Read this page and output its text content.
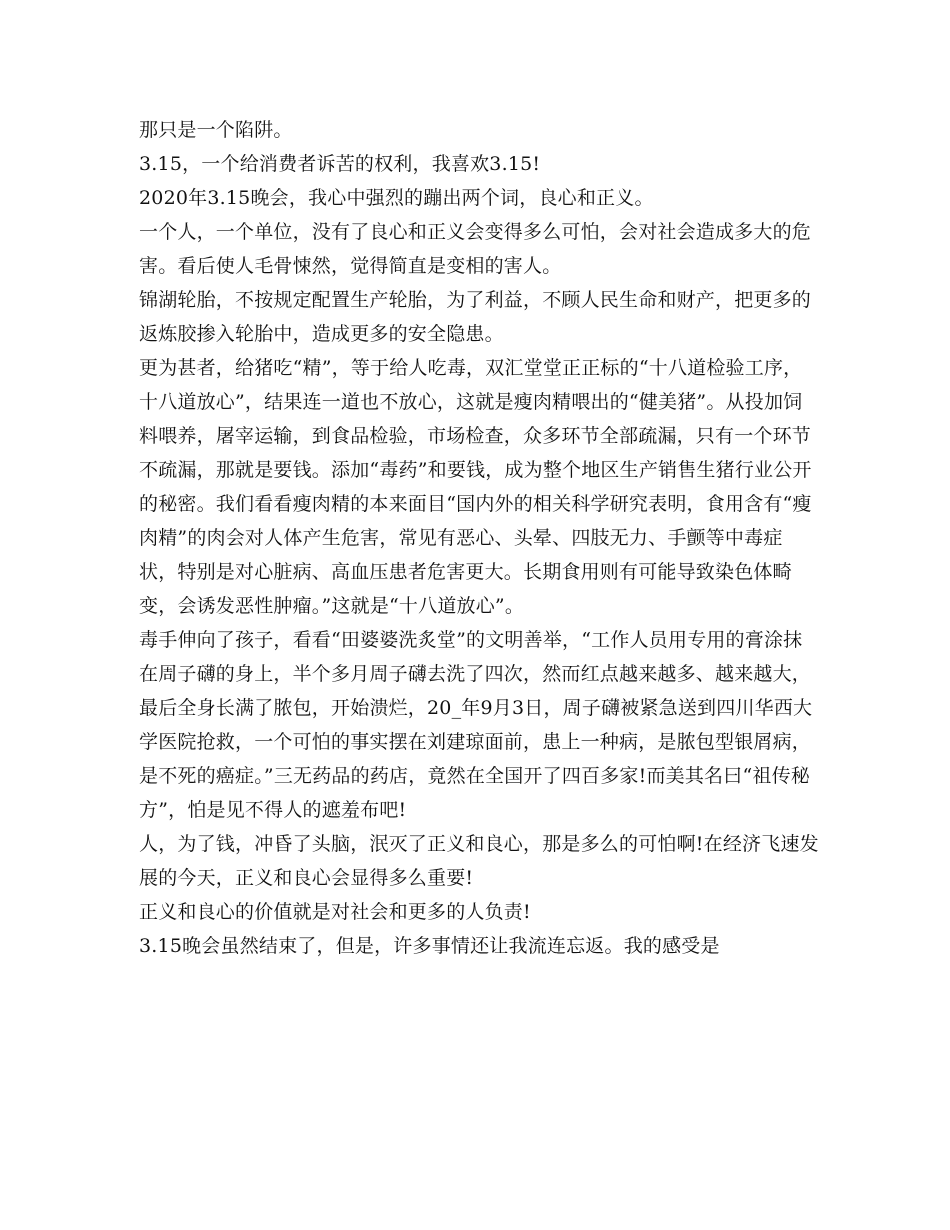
那只是一个陷阱。

3.15，一个给消费者诉苦的权利，我喜欢3.15!

2020年3.15晚会，我心中强烈的蹦出两个词，良心和正义。

一个人，一个单位，没有了良心和正义会变得多么可怕，会对社会造成多大的危害。看后使人毛骨悚然，觉得简直是变相的害人。

锦湖轮胎，不按规定配置生产轮胎，为了利益，不顾人民生命和财产，把更多的返炼胶掺入轮胎中，造成更多的安全隐患。

更为甚者，给猪吃“精”，等于给人吃毒，双汇堂堂正正标的“十八道检验工序，十八道放心”，结果连一道也不放心，这就是瘦肉精喂出的“健美猪”。从投加饲料喂养，屠宰运输，到食品检验，市场检查，众多环节全部疏漏，只有一个环节不疏漏，那就是要钱。添加“毒药”和要钱，成为整个地区生产销售生猪行业公开的秘密。我们看看瘦肉精的本来面目“国内外的相关科学研究表明，食用含有“瘦肉精”的肉会对人体产生危害，常见有恶心、头晕、四肢无力、手颤等中毒症状，特别是对心脏病、高血压患者危害更大。长期食用则有可能导致染色体畸变，会诱发恶性肿瘤。”这就是“十八道放心”。

毒手伸向了孩子，看看“田婆婆洗炙堂”的文明善举，“工作人员用专用的膏涂抹在周子礴的身上，半个多月周子礴去洗了四次，然而红点越来越多、越来越大，最后全身长满了脓包，开始溃烂，20_年9月3日，周子礴被紧急送到四川华西大学医院抢救，一个可怕的事实摆在刘建琼面前，患上一种病，是脓包型银屑病，是不死的癌症。”三无药品的药店，竟然在全国开了四百多家!而美其名曰“祖传秘方”，怕是见不得人的遮羞布吧!

人，为了钱，冲昏了头脑，泯灭了正义和良心，那是多么的可怕啊!在经济飞速发展的今天，正义和良心会显得多么重要!

正义和良心的价值就是对社会和更多的人负责!

3.15晚会虽然结束了，但是，许多事情还让我流连忘返。我的感受是
